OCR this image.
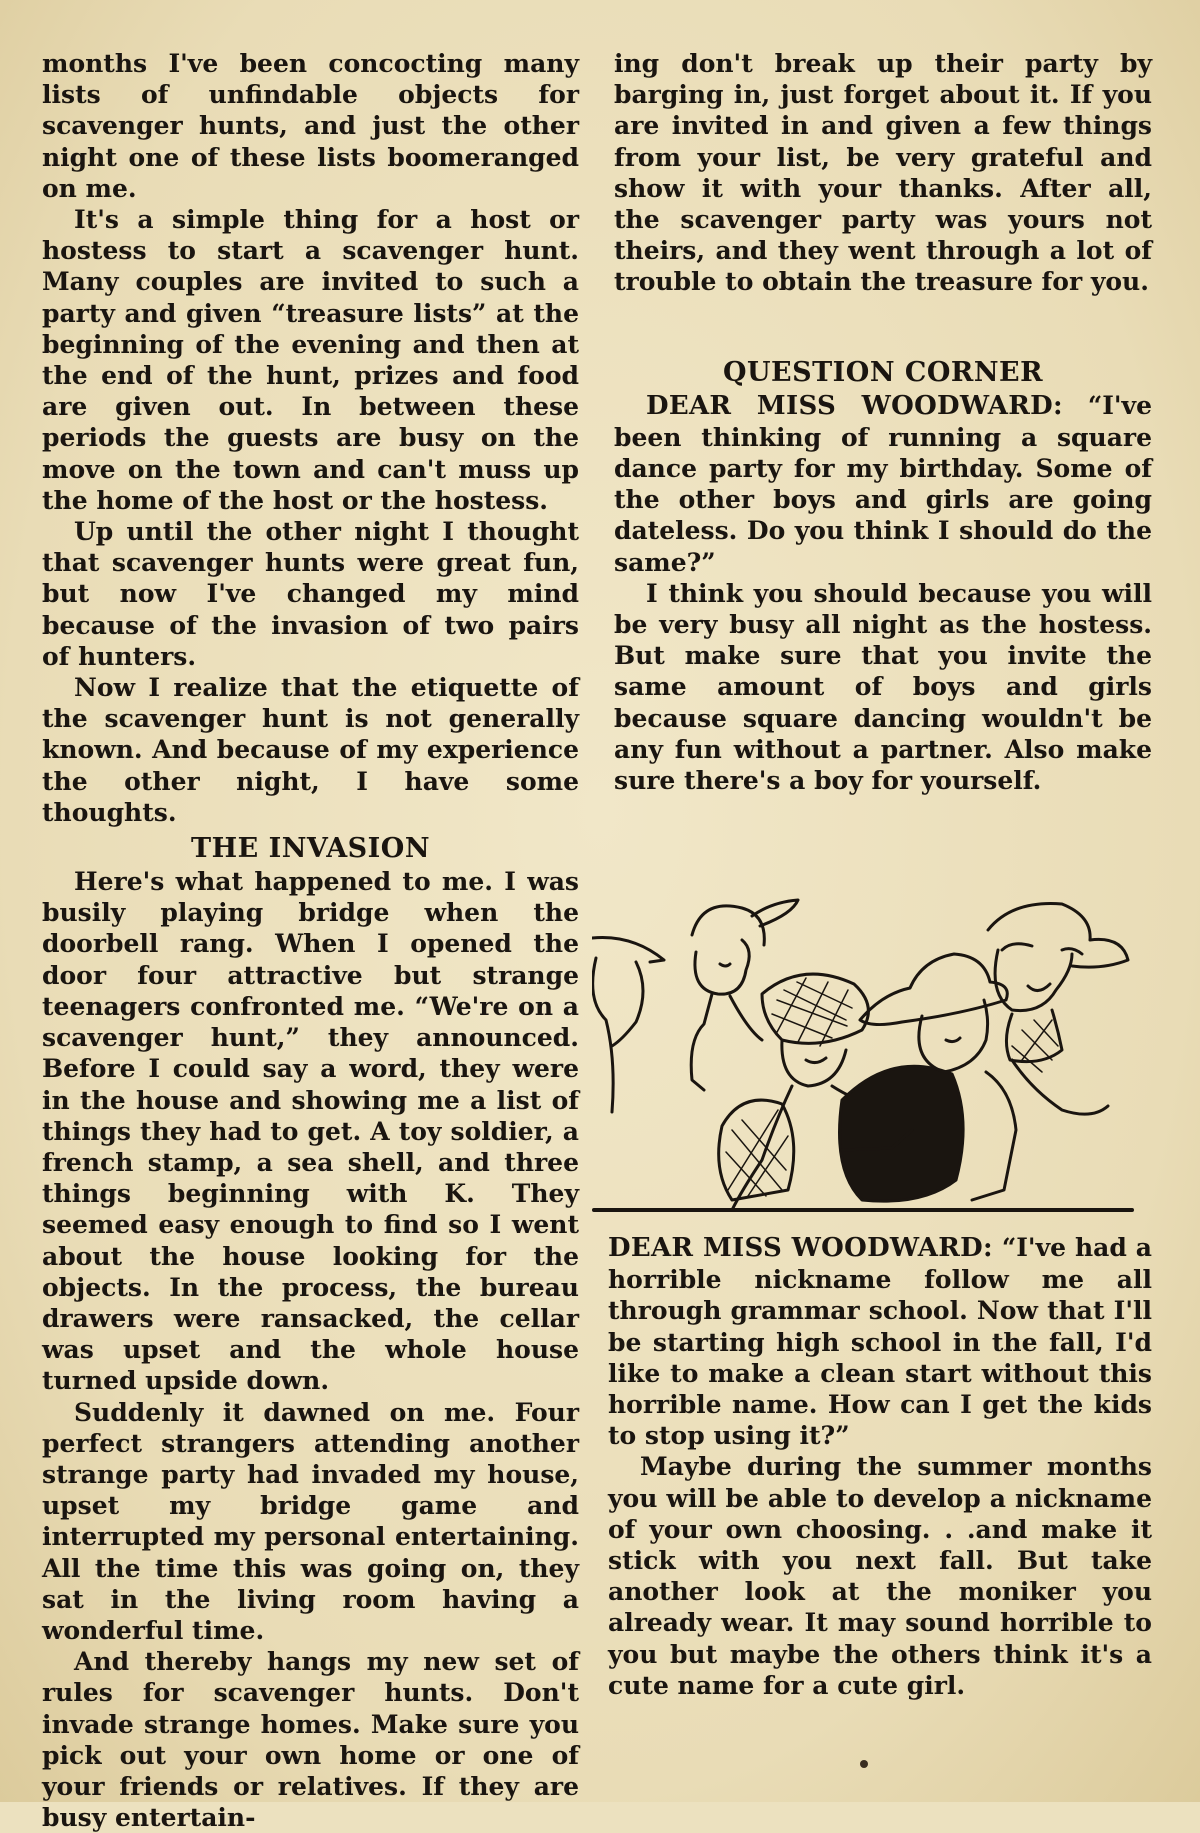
months I've been concocting many lists of unfindable objects for scavenger hunts, and just the other night one of these lists boomeranged on me.

It's a simple thing for a host or hostess to start a scavenger hunt. Many couples are invited to such a party and given “treasure lists” at the beginning of the evening and then at the end of the hunt, prizes and food are given out. In between these periods the guests are busy on the move on the town and can't muss up the home of the host or the hostess.

Up until the other night I thought that scavenger hunts were great fun, but now I've changed my mind because of the invasion of two pairs of hunters.

Now I realize that the etiquette of the scavenger hunt is not generally known. And because of my experience the other night, I have some thoughts.

THE INVASION

Here's what happened to me. I was busily playing bridge when the doorbell rang. When I opened the door four attractive but strange teenagers confronted me. “We're on a scavenger hunt,” they announced. Before I could say a word, they were in the house and showing me a list of things they had to get. A toy soldier, a french stamp, a sea shell, and three things beginning with K. They seemed easy enough to find so I went about the house looking for the objects. In the process, the bureau drawers were ransacked, the cellar was upset and the whole house turned upside down.

Suddenly it dawned on me. Four perfect strangers attending another strange party had invaded my house, upset my bridge game and interrupted my personal entertaining. All the time this was going on, they sat in the living room having a wonderful time.

And thereby hangs my new set of rules for scavenger hunts. Don't invade strange homes. Make sure you pick out your own home or one of your friends or relatives. If they are busy entertain-

ing don't break up their party by barging in, just forget about it. If you are invited in and given a few things from your list, be very grateful and show it with your thanks. After all, the scavenger party was yours not theirs, and they went through a lot of trouble to obtain the treasure for you.

QUESTION CORNER

DEAR MISS WOODWARD: “I've been thinking of running a square dance party for my birthday. Some of the other boys and girls are going dateless. Do you think I should do the same?”

I think you should because you will be very busy all night as the hostess. But make sure that you invite the same amount of boys and girls because square dancing wouldn't be any fun without a partner. Also make sure there's a boy for yourself.

DEAR MISS WOODWARD: “I've had a horrible nickname follow me all through grammar school. Now that I'll be starting high school in the fall, I'd like to make a clean start without this horrible name. How can I get the kids to stop using it?”

Maybe during the summer months you will be able to develop a nickname of your own choosing. . .and make it stick with you next fall. But take another look at the moniker you already wear. It may sound horrible to you but maybe the others think it's a cute name for a cute girl.
